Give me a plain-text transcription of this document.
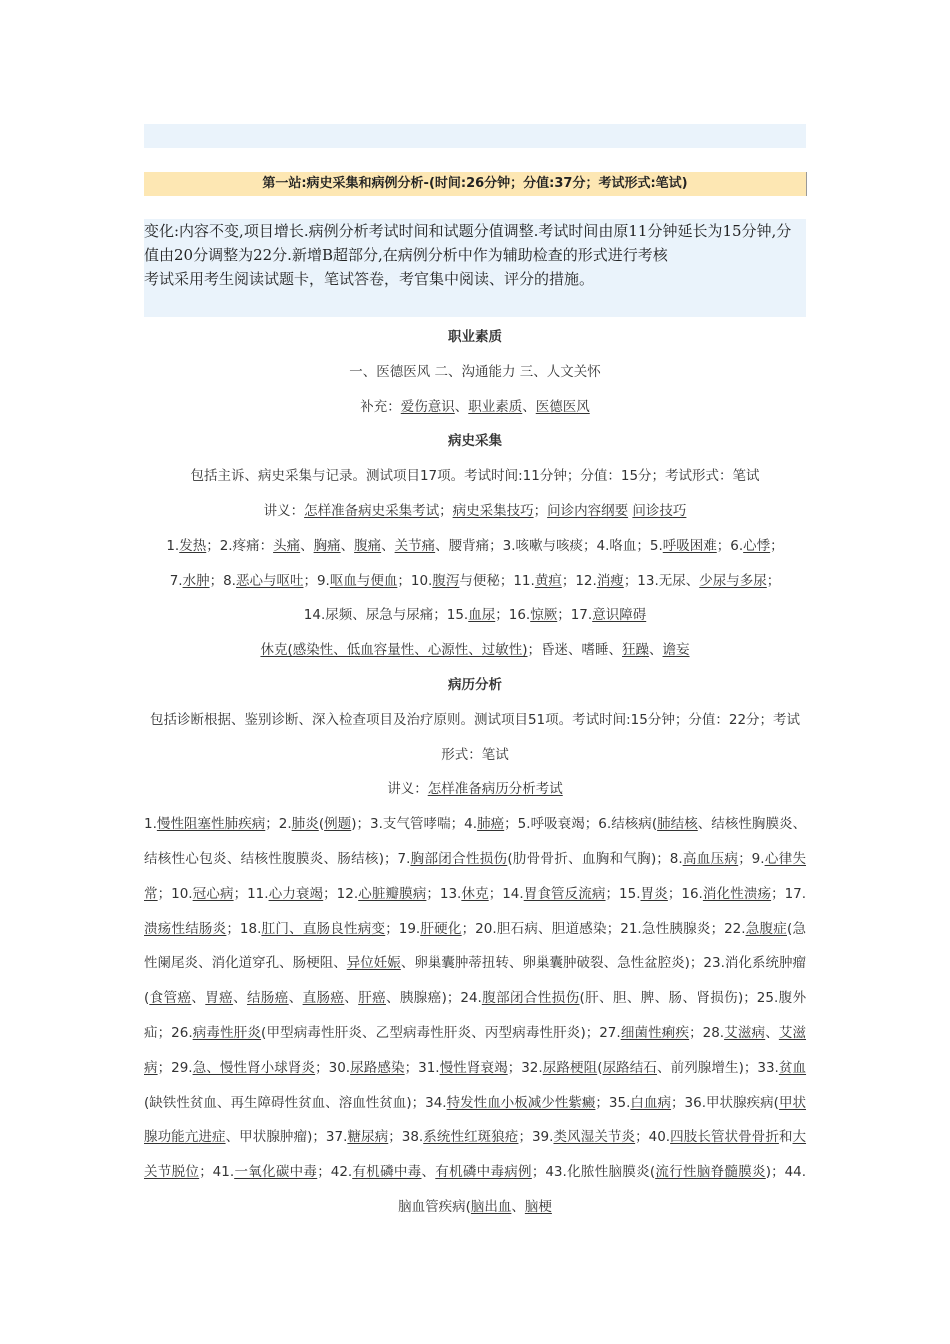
第一站:病史采集和病例分析-(时间:26分钟；分值:37分；考试形式:笔试)

变化:内容不变,项目增长.病例分析考试时间和试题分值调整.考试时间由原11分钟延长为15分钟,分值由20分调整为22分.新增B超部分,在病例分析中作为辅助检查的形式进行考核

考试采用考生阅读试题卡，笔试答卷，考官集中阅读、评分的措施。

职业素质

一、医德医风 二、沟通能力 三、人文关怀

补充：爱伤意识、职业素质、医德医风

病史采集

包括主诉、病史采集与记录。测试项目17项。考试时间:11分钟；分值：15分；考试形式：笔试

讲义：怎样准备病史采集考试；病史采集技巧；问诊内容纲要 问诊技巧

1.发热；2.疼痛：头痛、胸痛、腹痛、关节痛、腰背痛；3.咳嗽与咳痰；4.咯血；5.呼吸困难；6.心悸；
7.水肿；8.恶心与呕吐；9.呕血与便血；10.腹泻与便秘；11.黄疸；12.消瘦；13.无尿、少尿与多尿；
14.尿频、尿急与尿痛；15.血尿；16.惊厥；17.意识障碍
休克(感染性、低血容量性、心源性、过敏性)；昏迷、嗜睡、狂躁、谵妄

病历分析

包括诊断根据、鉴别诊断、深入检查项目及治疗原则。测试项目51项。考试时间:15分钟；分值：22分；考试形式：笔试

讲义：怎样准备病历分析考试

1.慢性阻塞性肺疾病；2.肺炎(例题)；3.支气管哮喘；4.肺癌；5.呼吸衰竭；6.结核病(肺结核、结核性胸膜炎、结核性心包炎、结核性腹膜炎、肠结核)；7.胸部闭合性损伤(肋骨骨折、血胸和气胸)；8.高血压病；9.心律失常；10.冠心病；11.心力衰竭；12.心脏瓣膜病；13.休克；14.胃食管反流病；15.胃炎；16.消化性溃疡；17.溃疡性结肠炎；18.肛门、直肠良性病变；19.肝硬化；20.胆石病、胆道感染；21.急性胰腺炎；22.急腹症(急性阑尾炎、消化道穿孔、肠梗阻、异位妊娠、卵巢囊肿蒂扭转、卵巢囊肿破裂、急性盆腔炎)；23.消化系统肿瘤(食管癌、胃癌、结肠癌、直肠癌、肝癌、胰腺癌)；24.腹部闭合性损伤(肝、胆、脾、肠、肾损伤)；25.腹外疝；26.病毒性肝炎(甲型病毒性肝炎、乙型病毒性肝炎、丙型病毒性肝炎)；27.细菌性痢疾；28.艾滋病、艾滋病；29.急、慢性肾小球肾炎；30.尿路感染；31.慢性肾衰竭；32.尿路梗阻(尿路结石、前列腺增生)；33.贫血(缺铁性贫血、再生障碍性贫血、溶血性贫血)；34.特发性血小板减少性紫癜；35.白血病；36.甲状腺疾病(甲状腺功能亢进症、甲状腺肿瘤)；37.糖尿病；38.系统性红斑狼疮；39.类风湿关节炎；40.四肢长管状骨骨折和大关节脱位；41.一氧化碳中毒；42.有机磷中毒、有机磷中毒病例；43.化脓性脑膜炎(流行性脑脊髓膜炎)；44.脑血管疾病(脑出血、脑梗
